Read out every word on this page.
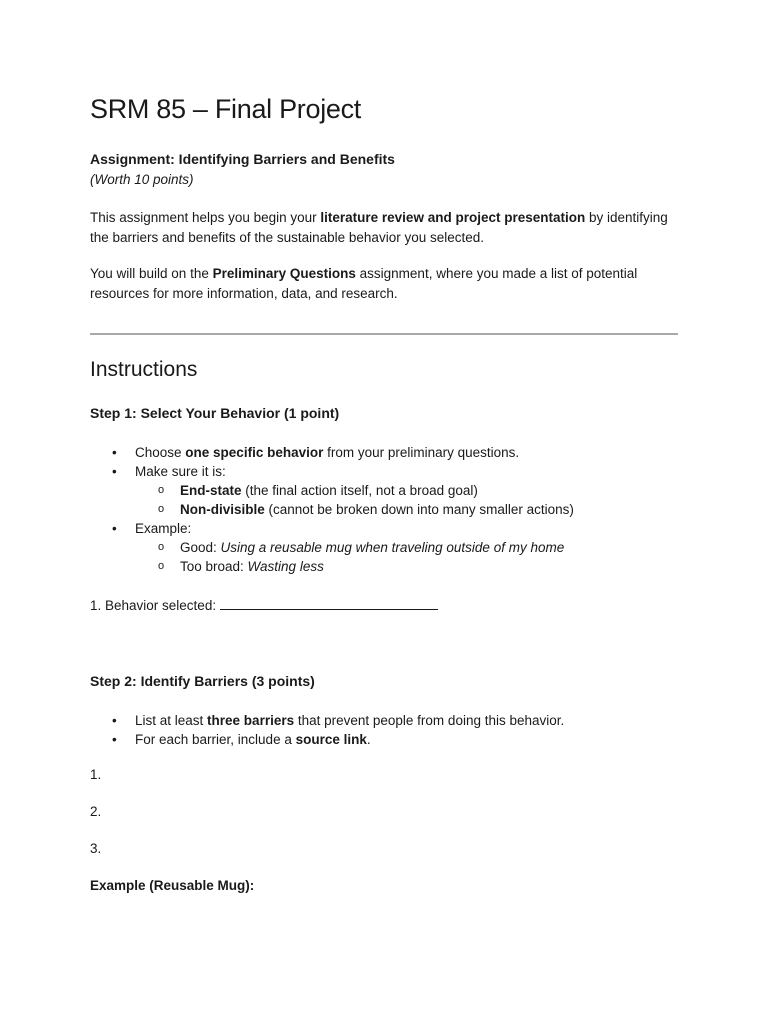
SRM 85 – Final Project
Assignment: Identifying Barriers and Benefits
(Worth 10 points)

This assignment helps you begin your literature review and project presentation by identifying the barriers and benefits of the sustainable behavior you selected.

You will build on the Preliminary Questions assignment, where you made a list of potential resources for more information, data, and research.

Instructions
Step 1: Select Your Behavior (1 point)
• Choose one specific behavior from your preliminary questions.
• Make sure it is:
o End-state (the final action itself, not a broad goal)
o Non-divisible (cannot be broken down into many smaller actions)
• Example:
o Good: Using a reusable mug when traveling outside of my home
o Too broad: Wasting less
1. Behavior selected:
Step 2: Identify Barriers (3 points)
• List at least three barriers that prevent people from doing this behavior.
• For each barrier, include a source link.
1.
2.
3.
Example (Reusable Mug):
